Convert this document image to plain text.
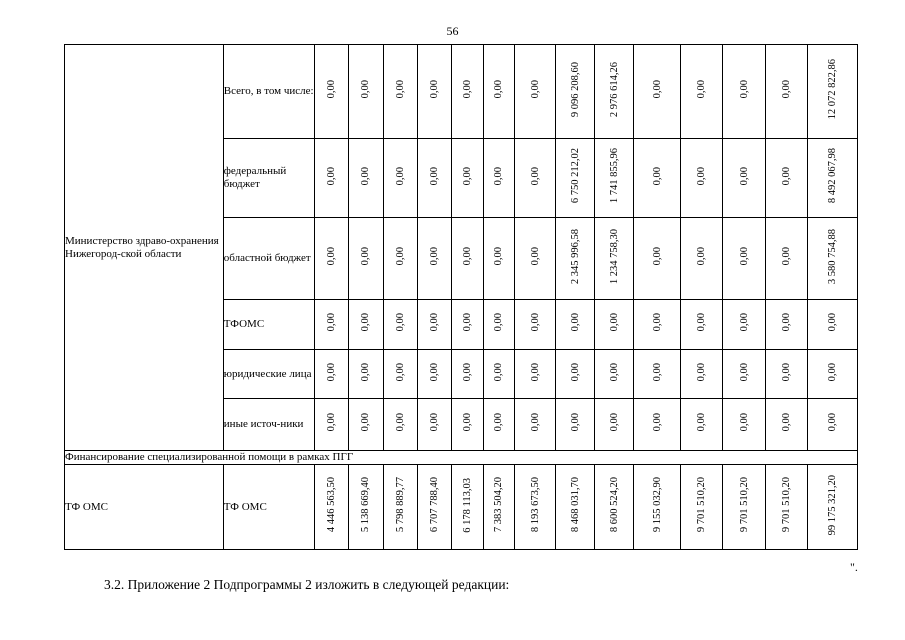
56
Министерство здраво-охранения Нижегород-ской области	Всего, в том числе:	0,00	0,00	0,00	0,00	0,00	0,00	0,00	9 096 208,60	2 976 614,26	0,00	0,00	0,00	0,00	12 072 822,86
	федеральный бюджет	0,00	0,00	0,00	0,00	0,00	0,00	0,00	6 750 212,02	1 741 855,96	0,00	0,00	0,00	0,00	8 492 067,98
	областной бюджет	0,00	0,00	0,00	0,00	0,00	0,00	0,00	2 345 996,58	1 234 758,30	0,00	0,00	0,00	0,00	3 580 754,88
	ТФОМС	0,00	0,00	0,00	0,00	0,00	0,00	0,00	0,00	0,00	0,00	0,00	0,00	0,00	0,00
	юридические лица	0,00	0,00	0,00	0,00	0,00	0,00	0,00	0,00	0,00	0,00	0,00	0,00	0,00	0,00
	иные источ-ники	0,00	0,00	0,00	0,00	0,00	0,00	0,00	0,00	0,00	0,00	0,00	0,00	0,00	0,00
Финансирование специализированной помощи в рамках ПГГ															
ТФ ОМС	ТФ ОМС	4 446 563,50	5 138 669,40	5 798 889,77	6 707 788,40	6 178 113,03	7 383 504,20	8 193 673,50	8 468 031,70	8 600 524,20	9 155 032,90	9 701 510,20	9 701 510,20	9 701 510,20	99 175 321,20
".
3.2. Приложение 2 Подпрограммы 2 изложить в следующей редакции:
